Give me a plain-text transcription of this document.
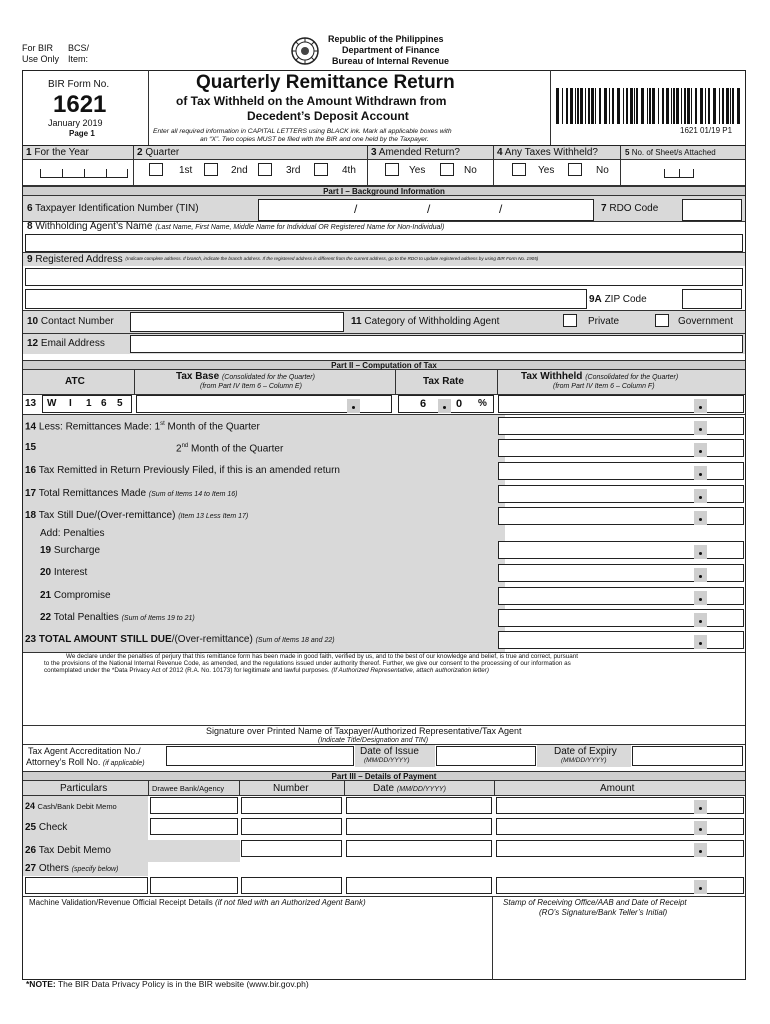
For BIR
Use Only
BCS/
Item:
Republic of the Philippines
Department of Finance
Bureau of Internal Revenue
BIR Form No.
1621
January 2019
Page 1
Quarterly Remittance Return
of Tax Withheld on the Amount Withdrawn from
Decedent’s Deposit Account
Enter all required information in CAPITAL LETTERS using BLACK ink. Mark all applicable boxes with
an “X”. Two copies MUST be filed with the BIR and one held by the Taxpayer.
1621 01/19 P1
1 For the Year	2 Quarter
1st	2nd	3rd	4th
3 Amended Return?
Yes	No
4 Any Taxes Withheld?
Yes	No
5 No. of Sheet/s Attached
Part I – Background Information
6 Taxpayer Identification Number (TIN)	/	/	/	7 RDO Code
8 Withholding Agent’s Name (Last Name, First Name, Middle Name for Individual OR Registered Name for Non-Individual)
9 Registered Address (Indicate complete address. If branch, indicate the branch address. If the registered address is different from the current address, go to the RDO to update registered address by using BIR Form No. 1905)
9A ZIP Code
10 Contact Number	11 Category of Withholding Agent	Private	Government
12 Email Address
Part II – Computation of Tax
ATC	Tax Base (Consolidated for the Quarter)
(from Part IV Item 6 – Column E)	Tax Rate	Tax Withheld (Consolidated for the Quarter)
(from Part IV Item 6 – Column F)
13 W I 1 6 5	6	0 %
14 Less: Remittances Made: 1st Month of the Quarter
15	2nd Month of the Quarter
16 Tax Remitted in Return Previously Filed, if this is an amended return
17 Total Remittances Made (Sum of Items 14 to Item 16)
18 Tax Still Due/(Over-remittance) (Item 13 Less Item 17)
Add: Penalties
19 Surcharge
20 Interest
21 Compromise
22 Total Penalties (Sum of Items 19 to 21)
23 TOTAL AMOUNT STILL DUE/(Over-remittance) (Sum of Items 18 and 22)
We declare under the penalties of perjury that this remittance form has been made in good faith, verified by us, and to the best of our knowledge and belief, is true and correct, pursuant
to the provisions of the National Internal Revenue Code, as amended, and the regulations issued under authority thereof. Further, we give our consent to the processing of our information as
contemplated under the *Data Privacy Act of 2012 (R.A. No. 10173) for legitimate and lawful purposes. (If Authorized Representative, attach authorization letter)
Signature over Printed Name of Taxpayer/Authorized Representative/Tax Agent
(Indicate Title/Designation and TIN)
Tax Agent Accreditation No./
Attorney’s Roll No. (if applicable)
Date of Issue
(MM/DD/YYYY)
Date of Expiry
(MM/DD/YYYY)
Part III – Details of Payment
Particulars	Drawee Bank/Agency	Number	Date (MM/DD/YYYY)	Amount
24 Cash/Bank Debit Memo
25 Check
26 Tax Debit Memo
27 Others (specify below)
Machine Validation/Revenue Official Receipt Details (if not filed with an Authorized Agent Bank)	Stamp of Receiving Office/AAB and Date of Receipt
(RO’s Signature/Bank Teller’s Initial)
*NOTE: The BIR Data Privacy Policy is in the BIR website (www.bir.gov.ph)
